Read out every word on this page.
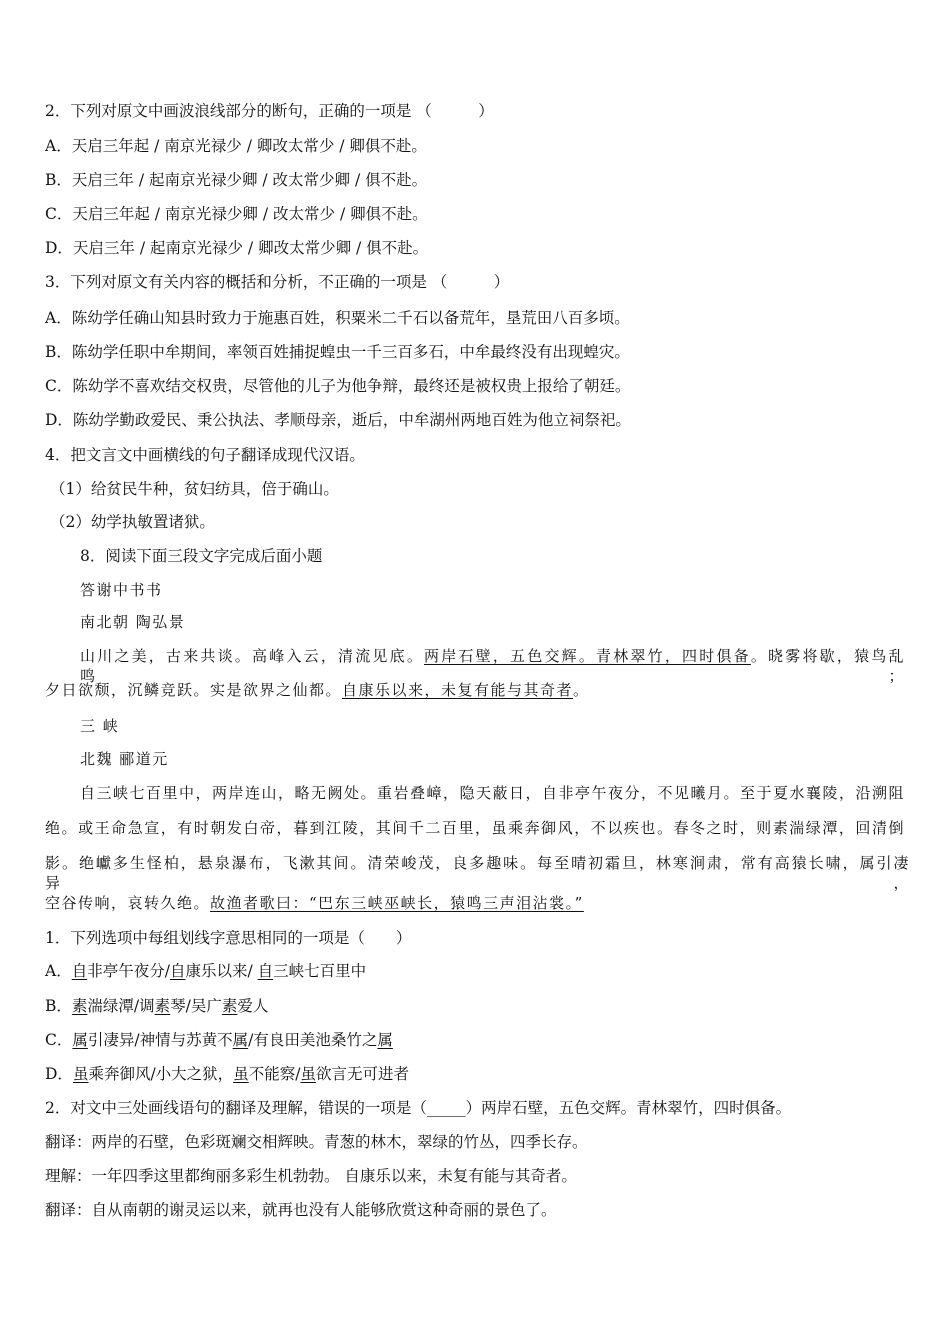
2．下列对原文中画波浪线部分的断句，正确的一项是 （　　　）
A．天启三年起 / 南京光禄少 / 卿改太常少 / 卿俱不赴。
B．天启三年 / 起南京光禄少卿 / 改太常少卿 / 俱不赴。
C．天启三年起 / 南京光禄少卿 / 改太常少 / 卿俱不赴。
D．天启三年 / 起南京光禄少 / 卿改太常少卿 / 俱不赴。
3．下列对原文有关内容的概括和分析，不正确的一项是 （　　　）
A．陈幼学任确山知县时致力于施惠百姓，积粟米二千石以备荒年，垦荒田八百多顷。
B．陈幼学任职中牟期间，率领百姓捕捉蝗虫一千三百多石，中牟最终没有出现蝗灾。
C．陈幼学不喜欢结交权贵，尽管他的儿子为他争辩，最终还是被权贵上报给了朝廷。
D．陈幼学勤政爱民、秉公执法、孝顺母亲，逝后，中牟湖州两地百姓为他立祠祭祀。
4．把文言文中画横线的句子翻译成现代汉语。
（1）给贫民牛种，贫妇纺具，倍于确山。
（2）幼学执敏置诸狱。
8．阅读下面三段文字完成后面小题
答谢中书书
南北朝 陶弘景
山川之美，古来共谈。高峰入云，清流见底。两岸石壁，五色交辉。青林翠竹，四时俱备。晓雾将歇，猿鸟乱鸣；
夕日欲颓，沉鳞竞跃。实是欲界之仙都。自康乐以来，未复有能与其奇者。
三 峡
北魏 郦道元
自三峡七百里中，两岸连山，略无阙处。重岩叠嶂，隐天蔽日，自非亭午夜分，不见曦月。至于夏水襄陵，沿溯阻
绝。或王命急宣，有时朝发白帝，暮到江陵，其间千二百里，虽乘奔御风，不以疾也。春冬之时，则素湍绿潭，回清倒
影。绝巘多生怪柏，悬泉瀑布，飞漱其间。清荣峻茂，良多趣味。每至晴初霜旦，林寒涧肃，常有高猿长啸，属引凄异，
空谷传响，哀转久绝。故渔者歌曰：“巴东三峡巫峡长，猿鸣三声泪沾裳。”
1．下列选项中每组划线字意思相同的一项是（　　）
A．自非亭午夜分/自康乐以来/ 自三峡七百里中
B．素湍绿潭/调素琴/吴广素爱人
C．属引凄异/神情与苏黄不属/有良田美池桑竹之属
D．虽乘奔御风/小大之狱，虽不能察/虽欲言无可进者
2．对文中三处画线语句的翻译及理解，错误的一项是（_____）两岸石壁，五色交辉。青林翠竹，四时俱备。
翻译：两岸的石壁，色彩斑斓交相辉映。青葱的林木，翠绿的竹丛，四季长存。
理解：一年四季这里都绚丽多彩生机勃勃。 自康乐以来，未复有能与其奇者。
翻译：自从南朝的谢灵运以来，就再也没有人能够欣赏这种奇丽的景色了。
